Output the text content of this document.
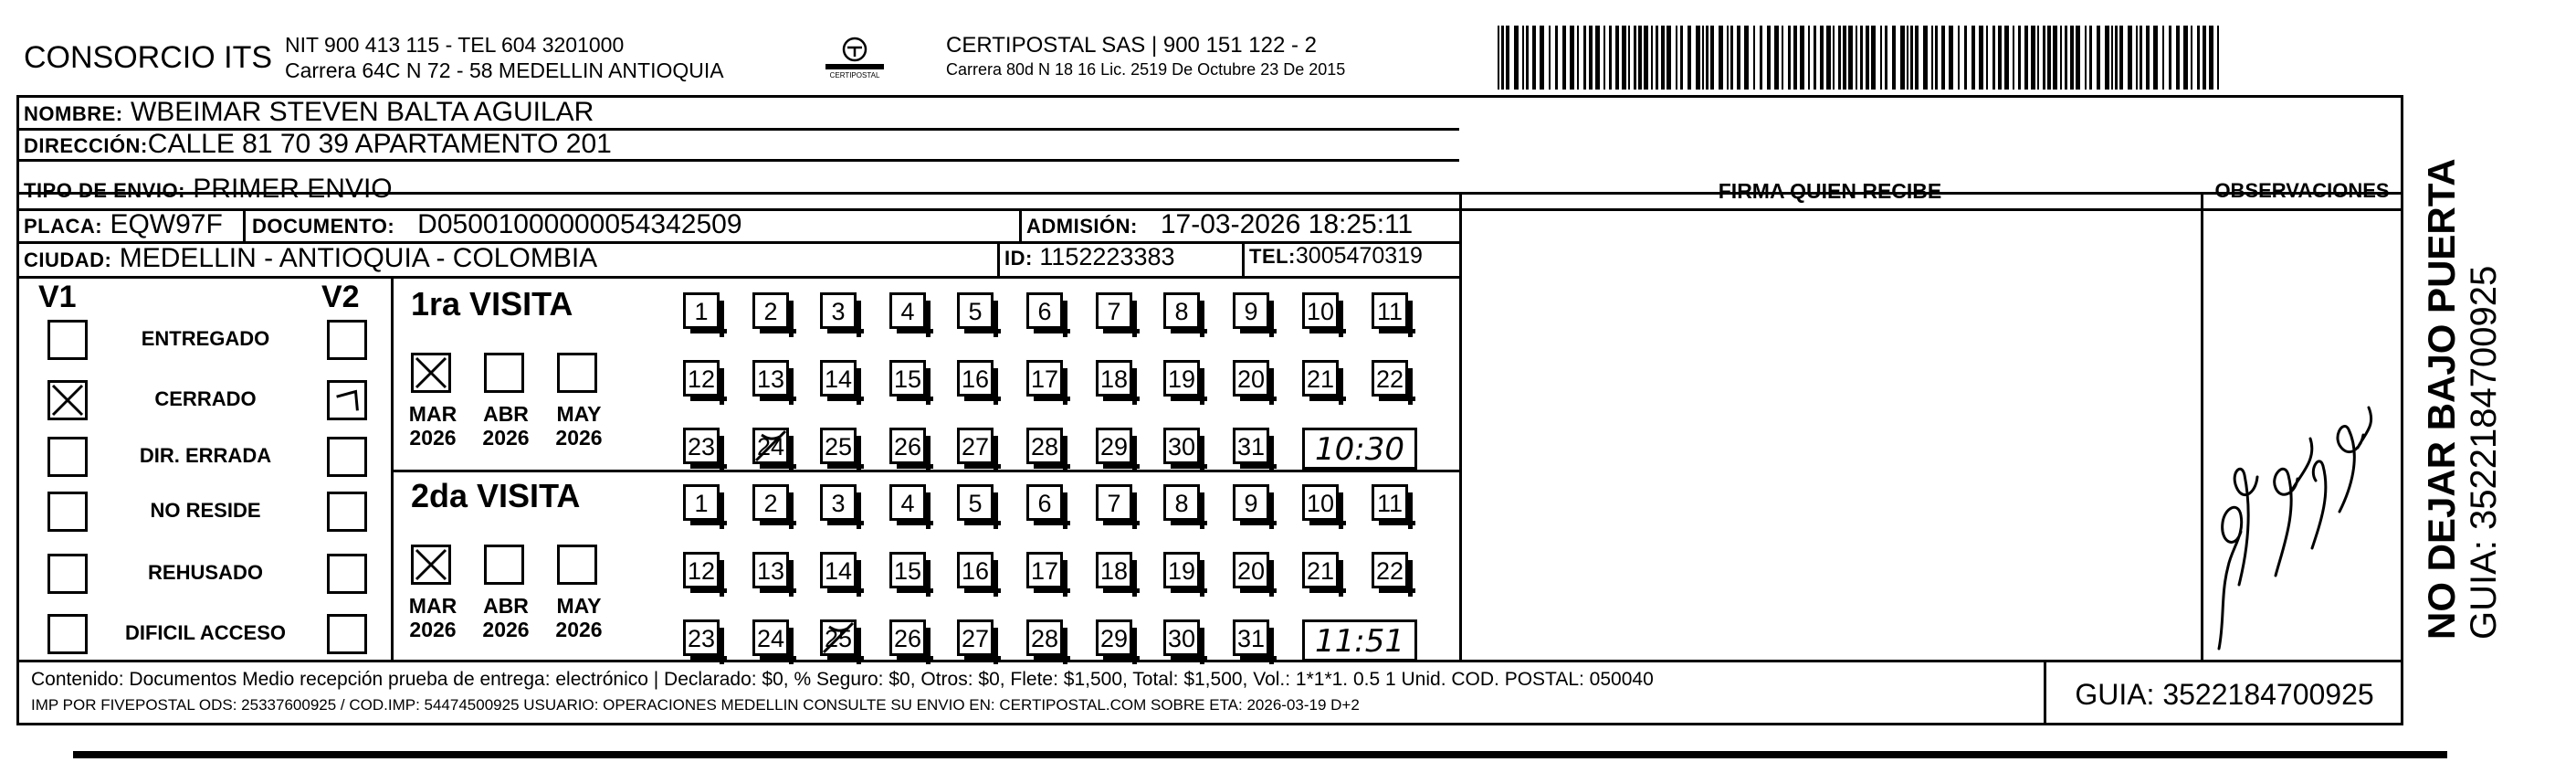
CONSORCIO ITS NIT 900 413 115 - TEL 604 3201000
Carrera 64C N 72 - 58 MEDELLIN ANTIOQUIA	CERTIPOSTAL
CERTIPOSTAL SAS | 900 151 122 - 2
Carrera 80d N 18 16 Lic. 2519 De Octubre 23 De 2015
NOMBRE: WBEIMAR STEVEN BALTA AGUILAR
DIRECCIÓN:CALLE 81 70 39 APARTAMENTO 201
TIPO DE ENVIO: PRIMER ENVIO
PLACA: EQW97F DOCUMENTO: D05001000000054342509	ADMISIÓN: 17-03-2026 18:25:11
CIUDAD: MEDELLIN - ANTIOQUIA - COLOMBIA	ID: 1152223383	TEL:3005470319
FIRMA QUIEN RECIBE	OBSERVACIONES
V1	V2
ENTREGADO
CERRADO
DIR. ERRADA
NO RESIDE
REHUSADO
DIFICIL ACCESO
1ra VISITA
MAR
2026
ABR
2026
MAY
2026
1	2	3	4	5	6	7	8	9	10 11
12 13 14 15 16 17 18 19 20 21 22
23 24 25 26 27 28 29 30 31	10:30
2da VISITA
MAR
2026
ABR
2026
MAY
2026
1	2	3	4	5	6	7	8	9	10 11
12 13 14 15 16 17 18 19 20 21 22
23 24 25 26 27 28 29 30 31	11:51
Contenido: Documentos Medio recepción prueba de entrega: electrónico | Declarado: $0, % Seguro: $0, Otros: $0, Flete: $1,500, Total: $1,500, Vol.: 1*1*1. 0.5 1 Unid. COD. POSTAL: 050040
IMP POR FIVEPOSTAL ODS: 25337600925 / COD.IMP: 54474500925 USUARIO: OPERACIONES MEDELLIN CONSULTE SU ENVIO EN: CERTIPOSTAL.COM SOBRE ETA: 2026-03-19 D+2	GUIA: 3522184700925
NO DEJAR BAJO PUERTA GUIA: 3522184700925
